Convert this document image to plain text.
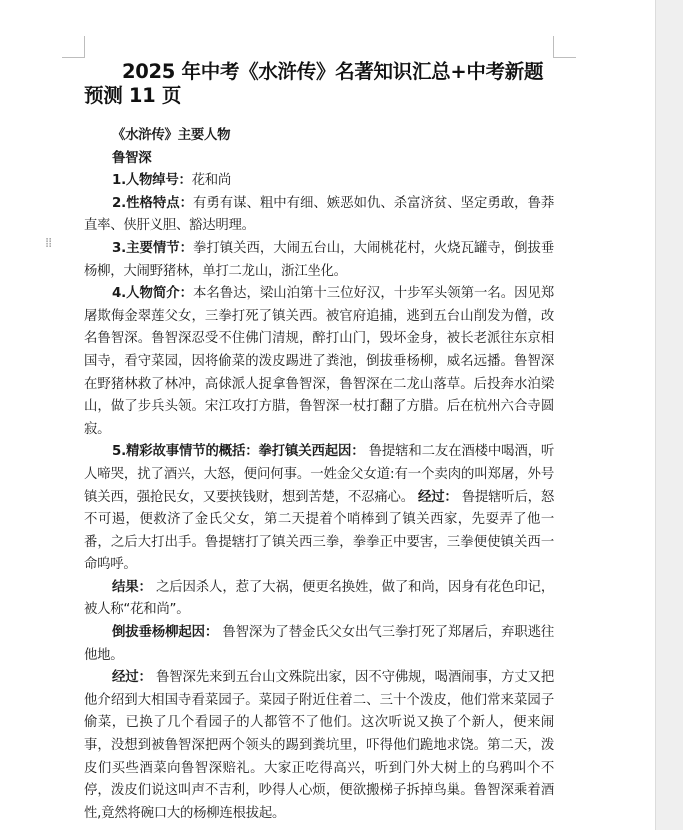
⁞⁞
2025 年中考《水浒传》名著知识汇总+中考新题预测 11 页

《水浒传》主要人物

鲁智深

1.人物绰号：花和尚

2.性格特点：有勇有谋、粗中有细、嫉恶如仇、杀富济贫、坚定勇敢，鲁莽直率、侠肝义胆、豁达明理。

3.主要情节：拳打镇关西，大闹五台山，大闹桃花村，火烧瓦罐寺，倒拔垂杨柳，大闹野猪林，单打二龙山，浙江坐化。

4.人物简介：本名鲁达，梁山泊第十三位好汉，十步军头领第一名。因见郑屠欺侮金翠莲父女，三拳打死了镇关西。被官府追捕，逃到五台山削发为僧，改名鲁智深。鲁智深忍受不住佛门清规，醉打山门，毁坏金身，被长老派往东京相国寺，看守菜园，因将偷菜的泼皮踢进了粪池，倒拔垂杨柳，威名远播。鲁智深在野猪林救了林冲，高俅派人捉拿鲁智深，鲁智深在二龙山落草。后投奔水泊梁山，做了步兵头领。宋江攻打方腊，鲁智深一杖打翻了方腊。后在杭州六合寺圆寂。

5.精彩故事情节的概括：拳打镇关西起因： 鲁提辖和二友在酒楼中喝酒，听人啼哭，扰了酒兴，大怒，便问何事。一姓金父女道:有一个卖肉的叫郑屠，外号镇关西，强抢民女，又要挟钱财，想到苦楚，不忍痛心。 经过： 鲁提辖听后，怒不可遏，便救济了金氏父女，第二天提着个哨棒到了镇关西家，先耍弄了他一番，之后大打出手。鲁提辖打了镇关西三拳，拳拳正中要害，三拳便使镇关西一命呜呼。

结果： 之后因杀人，惹了大祸，便更名换姓，做了和尚，因身有花色印记，被人称“花和尚”。

倒拔垂杨柳起因： 鲁智深为了替金氏父女出气三拳打死了郑屠后，弃职逃往他地。

经过： 鲁智深先来到五台山文殊院出家，因不守佛规，喝酒闹事，方丈又把他介绍到大相国寺看菜园子。菜园子附近住着二、三十个泼皮，他们常来菜园子偷菜，已换了几个看园子的人都管不了他们。这次听说又换了个新人，便来闹事，没想到被鲁智深把两个领头的踢到粪坑里，吓得他们跪地求饶。第二天，泼皮们买些酒菜向鲁智深赔礼。大家正吃得高兴，听到门外大树上的乌鸦叫个不停，泼皮们说这叫声不吉利，吵得人心烦，便欲搬梯子拆掉鸟巢。鲁智深乘着酒性,竟然将碗口大的杨柳连根拔起。
